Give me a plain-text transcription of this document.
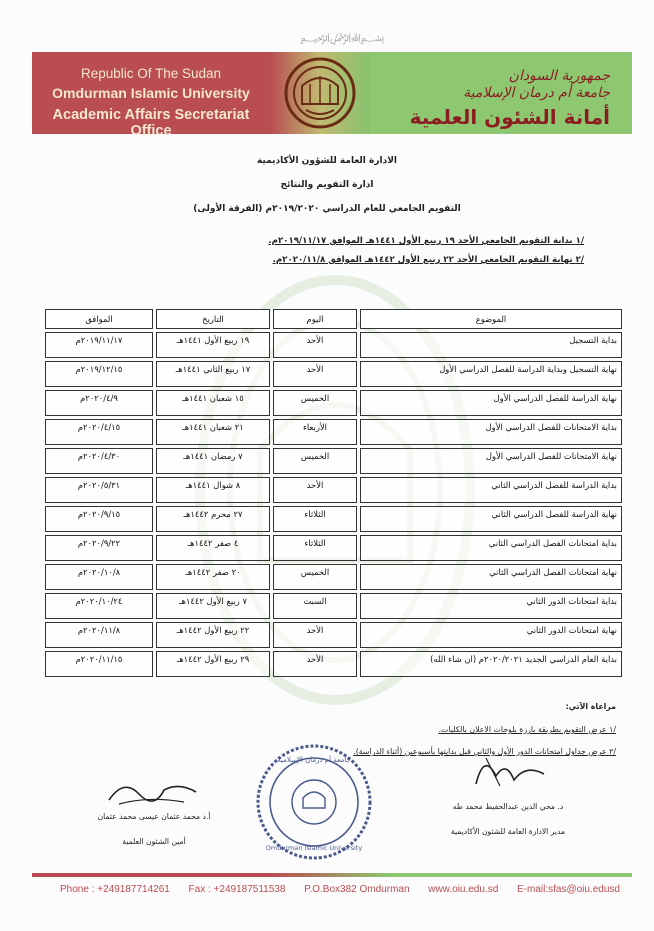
﷽
Republic Of The Sudan
Omdurman Islamic University
Academic Affairs Secretariat Office
جمهورية السودان
جامعة أم درمان الإسلامية
أمانة الشئون العلمية
الادارة العامة للشؤون الأكاديمية
ادارة التقويم والنتائج
التقويم الجامعي للعام الدراسي ٢٠١٩/٢٠٢٠م (الفرقة الأولى)
/١ بداية التقويم الجامعي الأحد ١٩ ربيع الأول ١٤٤١هـ الموافق ٢٠١٩/١١/١٧م.
/٢ نهاية التقويم الجامعي الأحد ٢٢ ربيع الأول ١٤٤٢هـ الموافق ٢٠٢٠/١١/٨م.
الموافق	التاريخ	اليوم	الموضوع
٢٠١٩/١١/١٧م	١٩ ربيع الأول ١٤٤١هـ	الأحد	بداية التسجيل
٢٠١٩/١٢/١٥م	١٧ ربيع الثاني ١٤٤١هـ	الأحد	نهاية التسجيل وبداية الدراسة للفصل الدراسي الأول
٢٠٢٠/٤/٩م	١٥ شعبان ١٤٤١هـ	الخميس	نهاية الدراسة للفصل الدراسي الأول
٢٠٢٠/٤/١٥م	٢١ شعبان ١٤٤١هـ	الأربعاء	بداية الامتحانات للفصل الدراسي الأول
٢٠٢٠/٤/٣٠م	٧ رمضان ١٤٤١هـ	الخميس	نهاية الامتحانات للفصل الدراسي الأول
٢٠٢٠/٥/٣١م	٨ شوال ١٤٤١هـ	الأحد	بداية الدراسة للفصل الدراسي الثاني
٢٠٢٠/٩/١٥م	٢٧ محرم ١٤٤٢هـ	الثلاثاء	نهاية الدراسة للفصل الدراسي الثاني
٢٠٢٠/٩/٢٢م	٤ صفر ١٤٤٢هـ	الثلاثاء	بداية امتحانات الفصل الدراسي الثاني
٢٠٢٠/١٠/٨م	٢٠ صفر ١٤٤٢هـ	الخميس	نهاية امتحانات الفصل الدراسي الثاني
٢٠٢٠/١٠/٢٤م	٧ ربيع الأول ١٤٤٢هـ	السبت	بداية امتحانات الدور الثاني
٢٠٢٠/١١/٨م	٢٢ ربيع الأول ١٤٤٢هـ	الأحد	نهاية امتحانات الدور الثاني
٢٠٢٠/١١/١٥م	٢٩ ربيع الأول ١٤٤٢هـ	الأحد	بداية العام الدراسي الجديد ٢٠٢٠/٢٠٢١م (ان شاء الله)
مراعاة الآتي:
/١ عرض التقويم بطريقة بارزة بلوحات الاعلان بالكليات.
/٢ عرض جداول امتحانات الدور الأول والثاني قبل بدايتها بأسبوعين (أثناء الدراسة).
أ.د محمد عثمان عيسى محمد عثمان
أمين الشئون العلمية
جامعة أم درمان الإسلامية
Omdurman Islamic University
د. محي الدين عبدالحفيظ محمد طه
مدير الادارة العامة للشئون الأكاديمية
Phone : +249187714261 Fax : +249187511538 P.O.Box382 Omdurman www.oiu.edu.sd E-mail:sfas@oiu.edusd
